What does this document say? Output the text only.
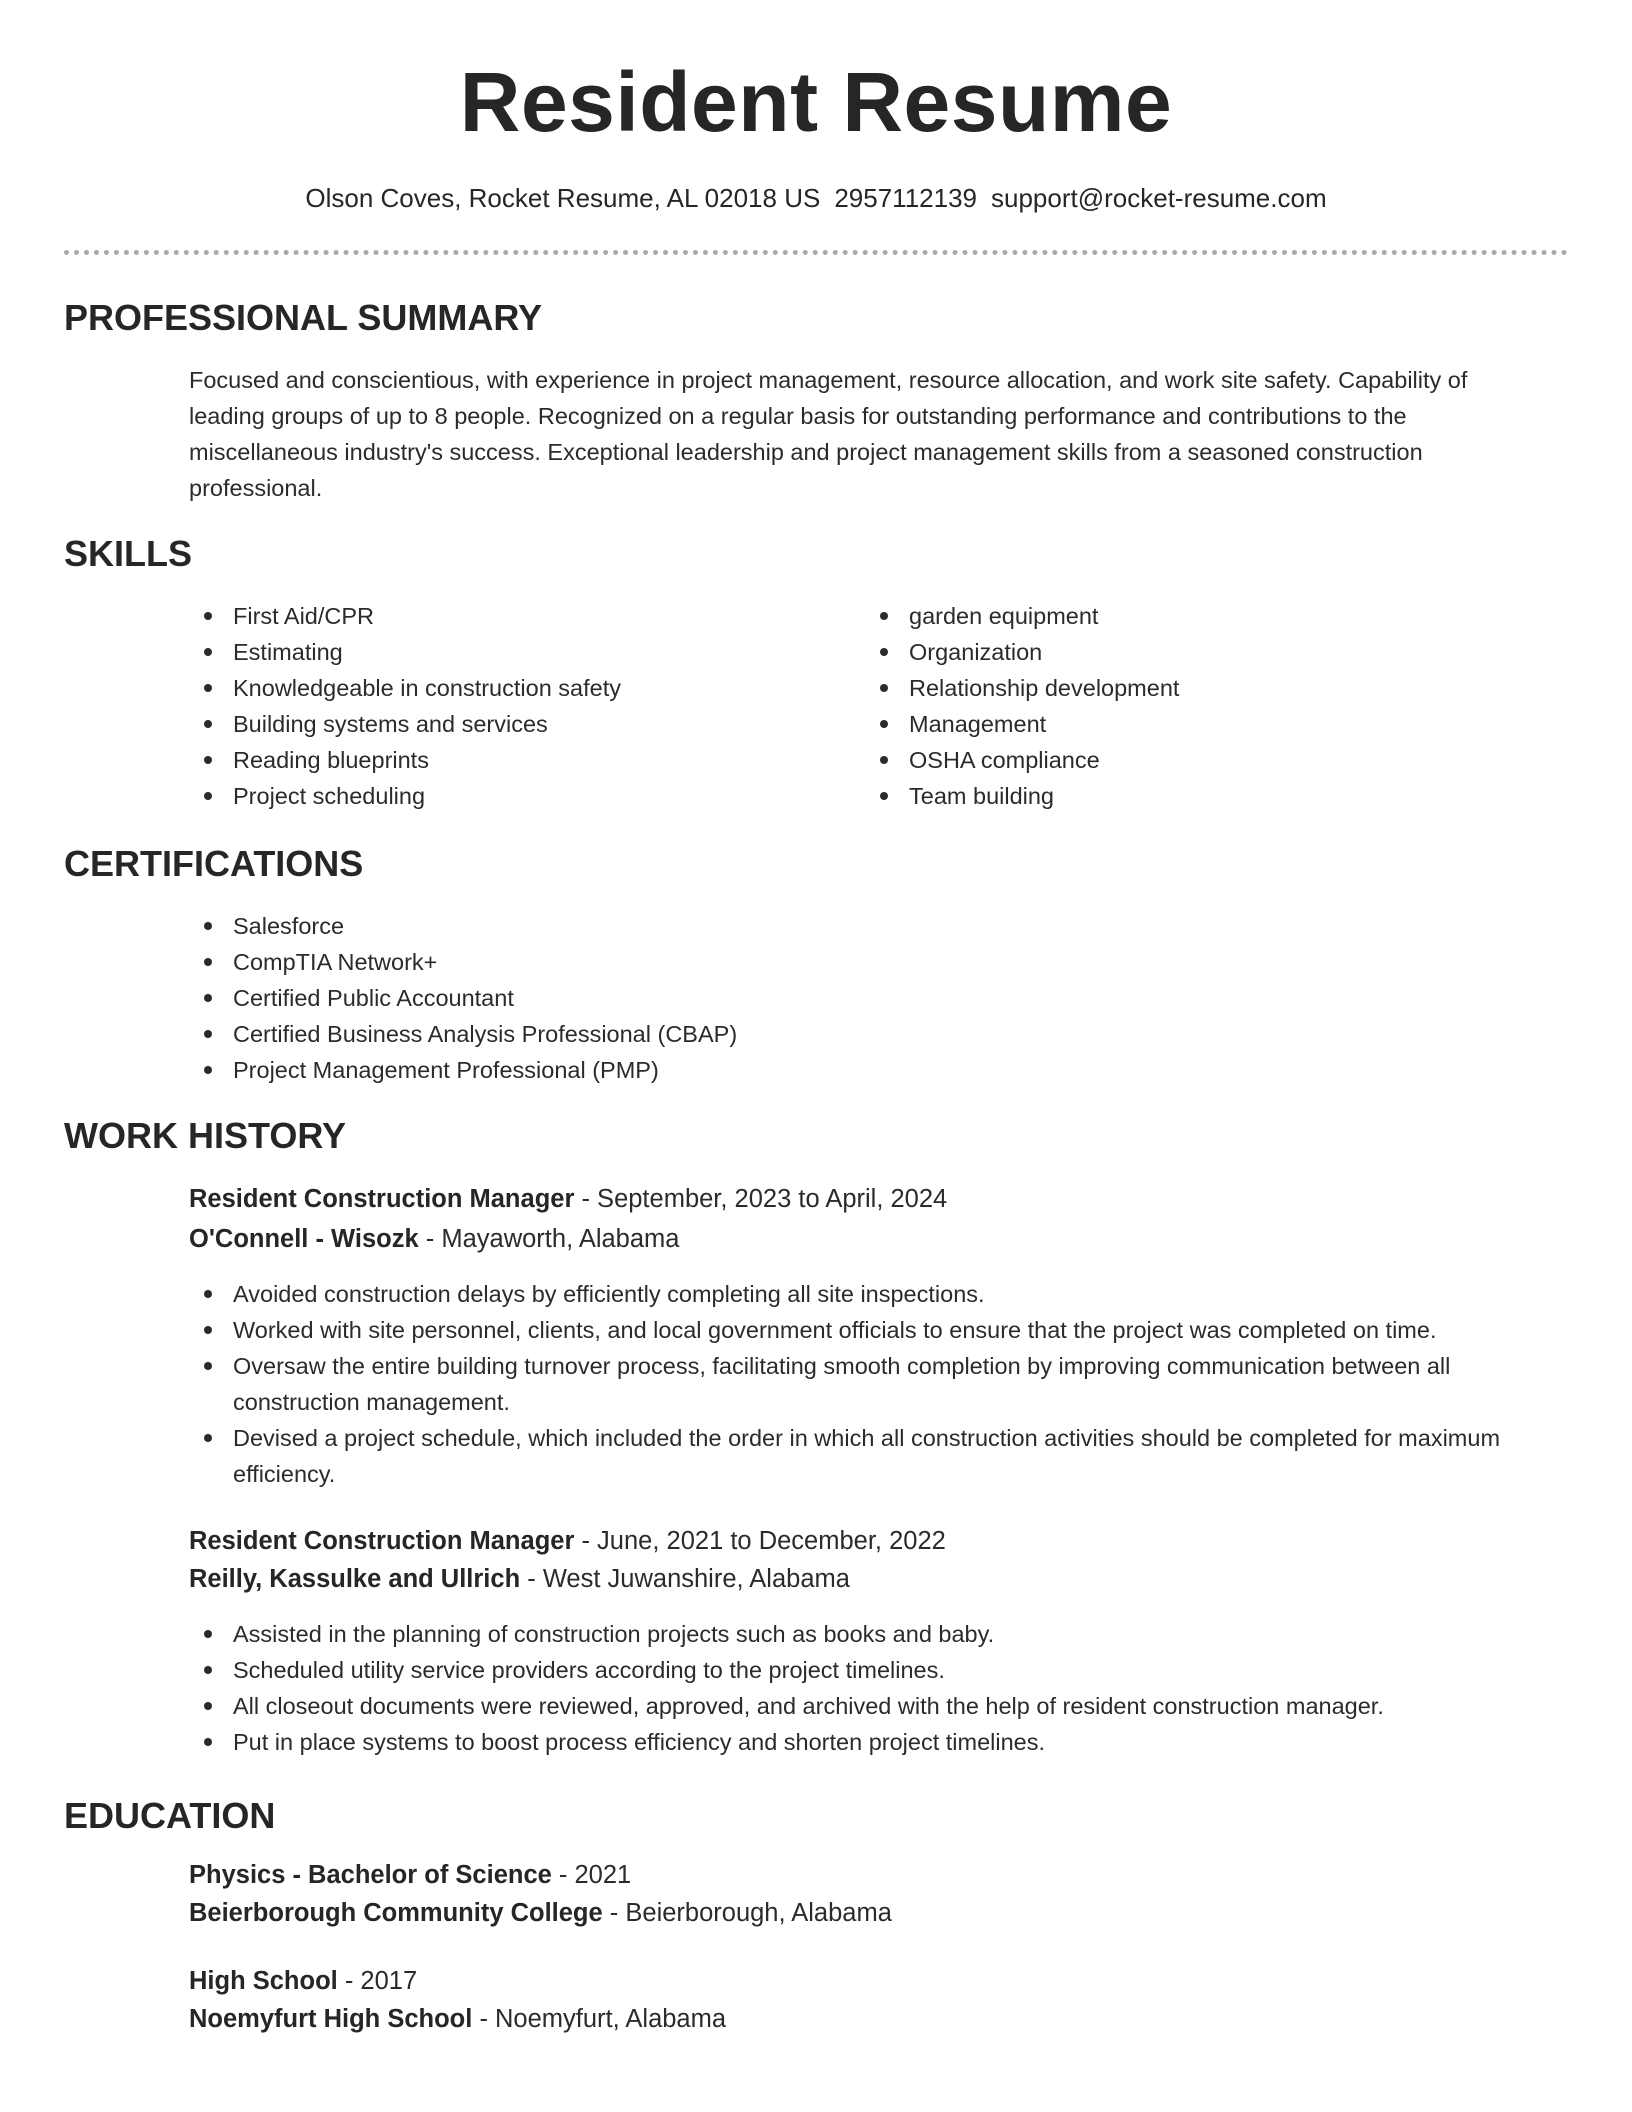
Resident Resume
Olson Coves, Rocket Resume, AL 02018 US 2957112139 support@rocket-resume.com
PROFESSIONAL SUMMARY

Focused and conscientious, with experience in project management, resource allocation, and work site safety. Capability of leading groups of up to 8 people. Recognized on a regular basis for outstanding performance and contributions to the miscellaneous industry's success. Exceptional leadership and project management skills from a seasoned construction professional.

SKILLS
First Aid/CPR
Estimating
Knowledgeable in construction safety
Building systems and services
Reading blueprints
Project scheduling
garden equipment
Organization
Relationship development
Management
OSHA compliance
Team building
CERTIFICATIONS
Salesforce
CompTIA Network+
Certified Public Accountant
Certified Business Analysis Professional (CBAP)
Project Management Professional (PMP)
WORK HISTORY
Resident Construction Manager - September, 2023 to April, 2024
O'Connell - Wisozk - Mayaworth, Alabama
Avoided construction delays by efficiently completing all site inspections.
Worked with site personnel, clients, and local government officials to ensure that the project was completed on time.
Oversaw the entire building turnover process, facilitating smooth completion by improving communication between all construction management.
Devised a project schedule, which included the order in which all construction activities should be completed for maximum efficiency.
Resident Construction Manager - June, 2021 to December, 2022
Reilly, Kassulke and Ullrich - West Juwanshire, Alabama
Assisted in the planning of construction projects such as books and baby.
Scheduled utility service providers according to the project timelines.
All closeout documents were reviewed, approved, and archived with the help of resident construction manager.
Put in place systems to boost process efficiency and shorten project timelines.
EDUCATION
Physics - Bachelor of Science - 2021
Beierborough Community College - Beierborough, Alabama
High School - 2017
Noemyfurt High School - Noemyfurt, Alabama
